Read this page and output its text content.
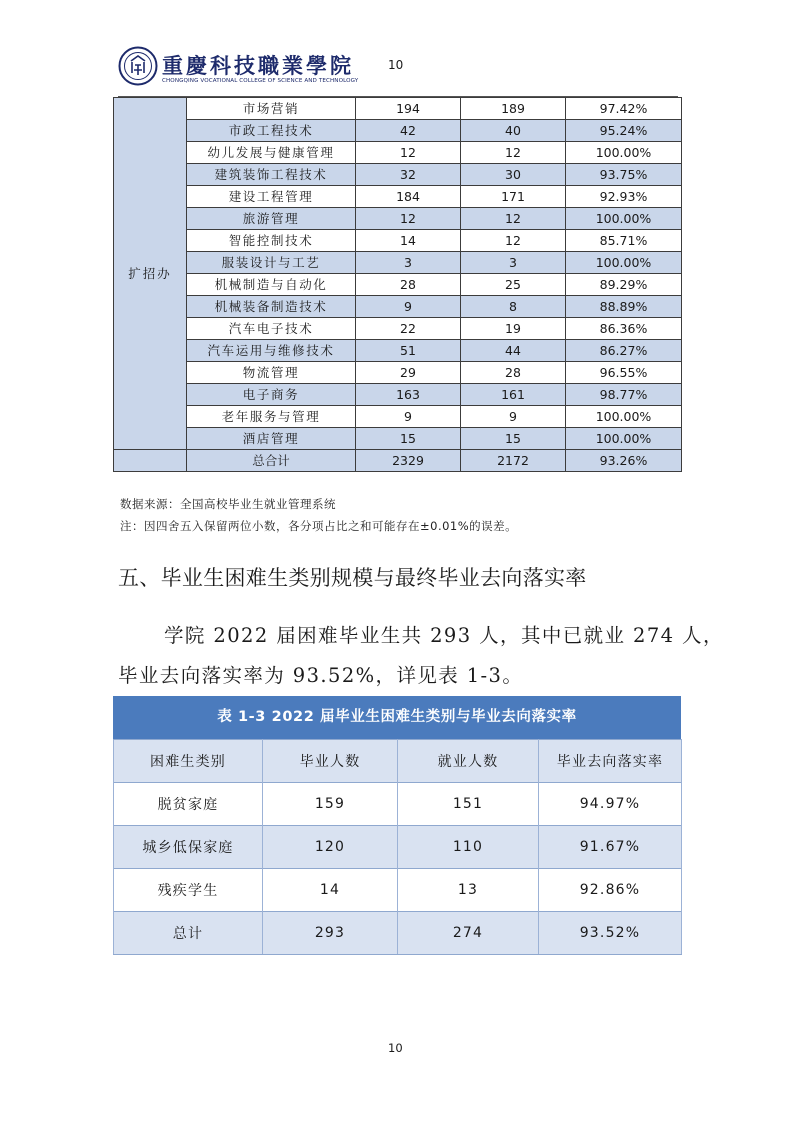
重慶科技職業學院
CHONGQING VOCATIONAL COLLEGE OF SCIENCE AND TECHNOLOGY
10
扩招办	市场营销	194	189	97.42%
	市政工程技术	42	40	95.24%
	幼儿发展与健康管理	12	12	100.00%
	建筑装饰工程技术	32	30	93.75%
	建设工程管理	184	171	92.93%
	旅游管理	12	12	100.00%
	智能控制技术	14	12	85.71%
	服装设计与工艺	3	3	100.00%
	机械制造与自动化	28	25	89.29%
	机械装备制造技术	9	8	88.89%
	汽车电子技术	22	19	86.36%
	汽车运用与维修技术	51	44	86.27%
	物流管理	29	28	96.55%
	电子商务	163	161	98.77%
	老年服务与管理	9	9	100.00%
	酒店管理	15	15	100.00%
	总合计	2329	2172	93.26%
数据来源：全国高校毕业生就业管理系统
注：因四舍五入保留两位小数，各分项占比之和可能存在±0.01%的误差。
五、毕业生困难生类别规模与最终毕业去向落实率
学院 2022 届困难毕业生共 293 人，其中已就业 274 人，
毕业去向落实率为 93.52%，详见表 1-3。
表 1-3 2022 届毕业生困难生类别与毕业去向落实率
困难生类别	毕业人数	就业人数	毕业去向落实率
脱贫家庭	159	151	94.97%
城乡低保家庭	120	110	91.67%
残疾学生	14	13	92.86%
总计	293	274	93.52%
10
